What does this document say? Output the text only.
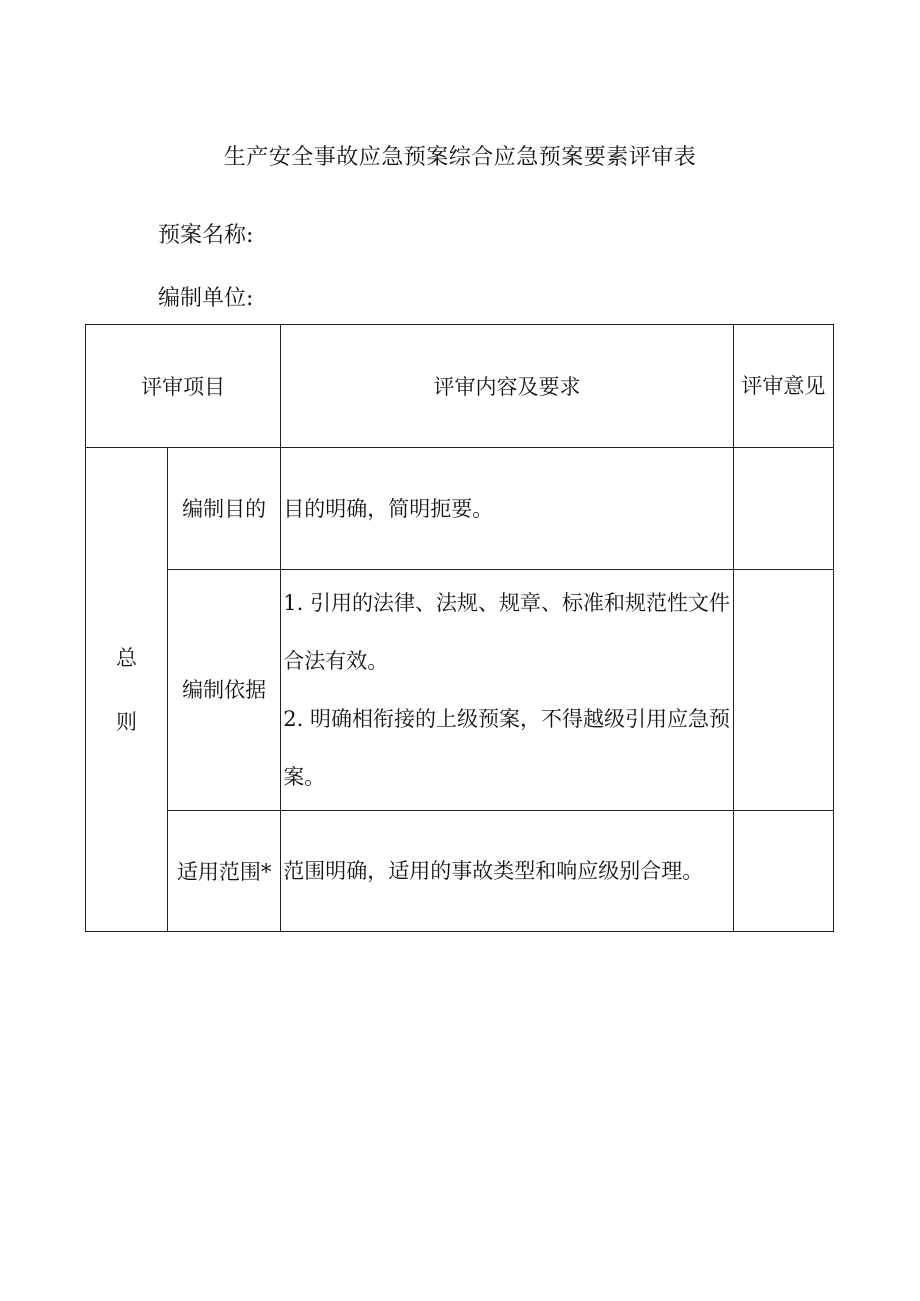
生产安全事故应急预案综合应急预案要素评审表
预案名称:
编制单位:
评审项目		评审内容及要求	评审意见
总则	编制目的	目的明确，简明扼要。	

	编制依据	1. 引用的法律、法规、规章、标准和规范性文件合法有效。

2. 明确相衔接的上级预案，不得越级引用应急预案。	

	适用范围*	范围明确，适用的事故类型和响应级别合理。	
